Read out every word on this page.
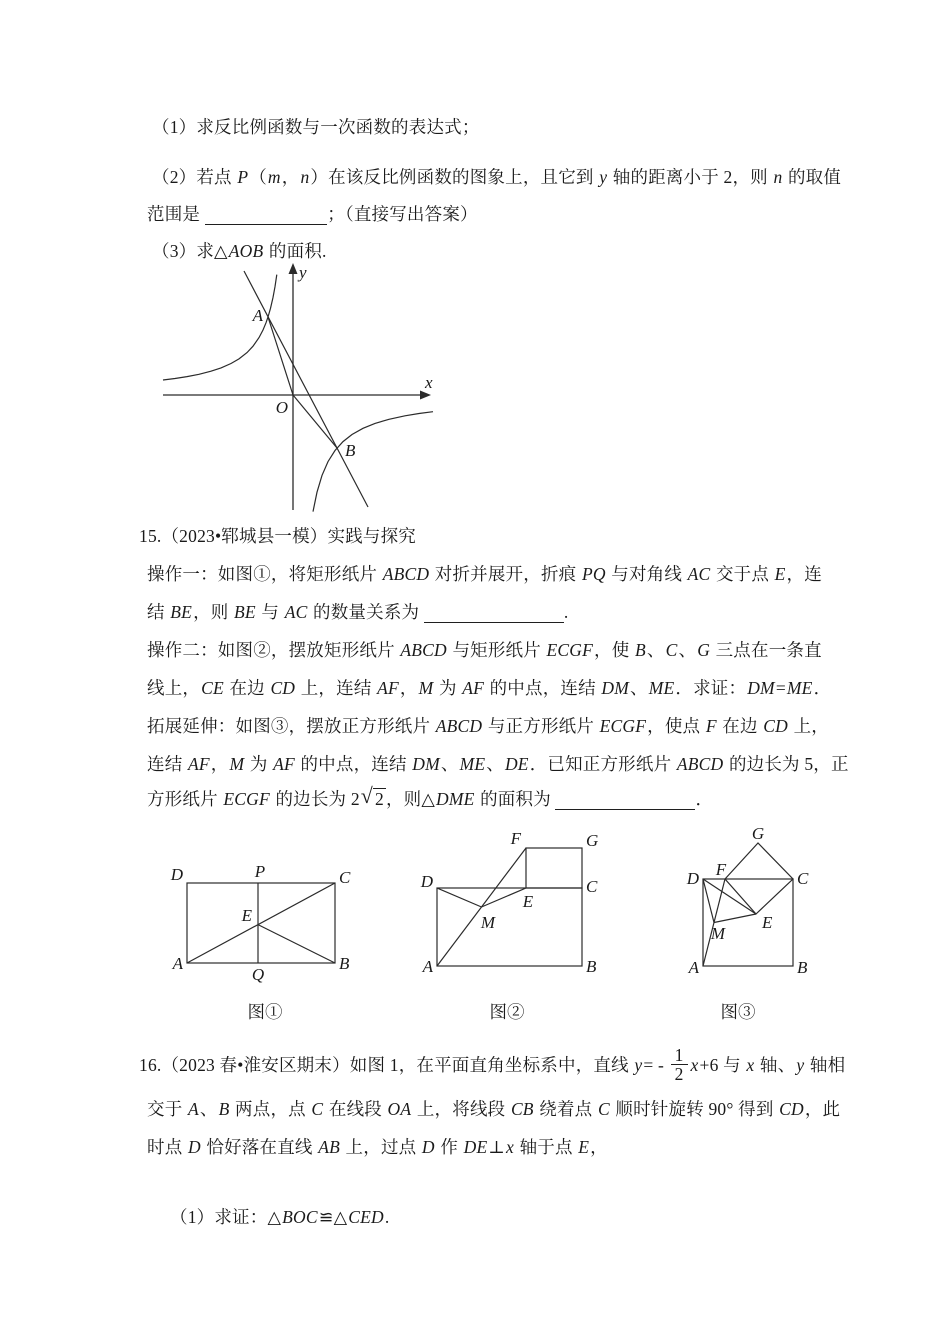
（1）求反比例函数与一次函数的表达式；
（2）若点 P（m，n）在该反比例函数的图象上，且它到 y 轴的距离小于 2，则 n 的取值
范围是	；（直接写出答案）
（3）求△AOB 的面积.
y
x
O
A
B
15.（2023•郓城县一模）实践与探究
操作一：如图①，将矩形纸片 ABCD 对折并展开，折痕 PQ 与对角线 AC 交于点 E，连
结 BE，则 BE 与 AC 的数量关系为	.
操作二：如图②，摆放矩形纸片 ABCD 与矩形纸片 ECGF，使 B、C、G 三点在一条直
线上，CE 在边 CD 上，连结 AF，M 为 AF 的中点，连结 DM、ME．求证：DM=ME．
拓展延伸：如图③，摆放正方形纸片 ABCD 与正方形纸片 ECGF，使点 F 在边 CD 上，
连结 AF，M 为 AF 的中点，连结 DM、ME、DE．已知正方形纸片 ABCD 的边长为 5，正
方形纸片 ECGF 的边长为 2 √ 2 ，则△DME 的面积为	．
D	P	C
E
A
Q
B
F	G
D	C
E
M
A	B
G
F
D	C
E
M
A	B
图①	图②	图③
16.（2023 春•淮安区期末）如图 1，在平面直角坐标系中，直线 $y= - \frac{1}{2} x+6$ 与 x 轴、y 轴相
交于 A、B 两点，点 C 在线段 OA 上，将线段 CB 绕着点 C 顺时针旋转 90° 得到 CD，此
时点 D 恰好落在直线 AB 上，过点 D 作 DE⊥x 轴于点 E，
（1）求证：△BOC≌△CED.
